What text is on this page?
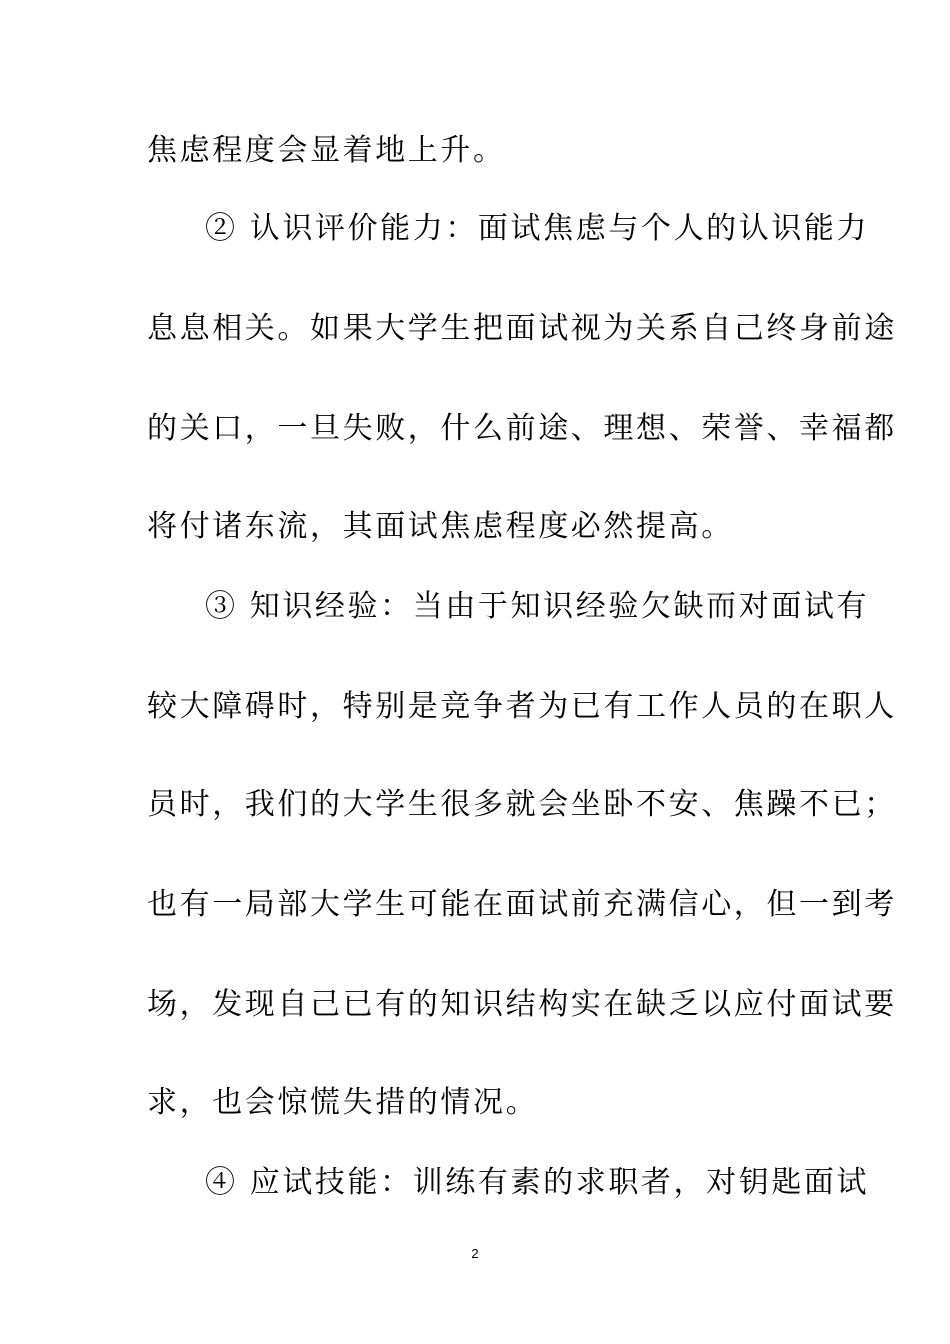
焦虑程度会显着地上升。
② 认识评价能力：面试焦虑与个人的认识能力
息息相关。如果大学生把面试视为关系自己终身前途
的关口，一旦失败，什么前途、理想、荣誉、幸福都
将付诸东流，其面试焦虑程度必然提高。
③ 知识经验：当由于知识经验欠缺而对面试有
较大障碍时，特别是竞争者为已有工作人员的在职人
员时，我们的大学生很多就会坐卧不安、焦躁不已；
也有一局部大学生可能在面试前充满信心，但一到考
场，发现自己已有的知识结构实在缺乏以应付面试要
求，也会惊慌失措的情况。
④ 应试技能：训练有素的求职者，对钥匙面试
2
